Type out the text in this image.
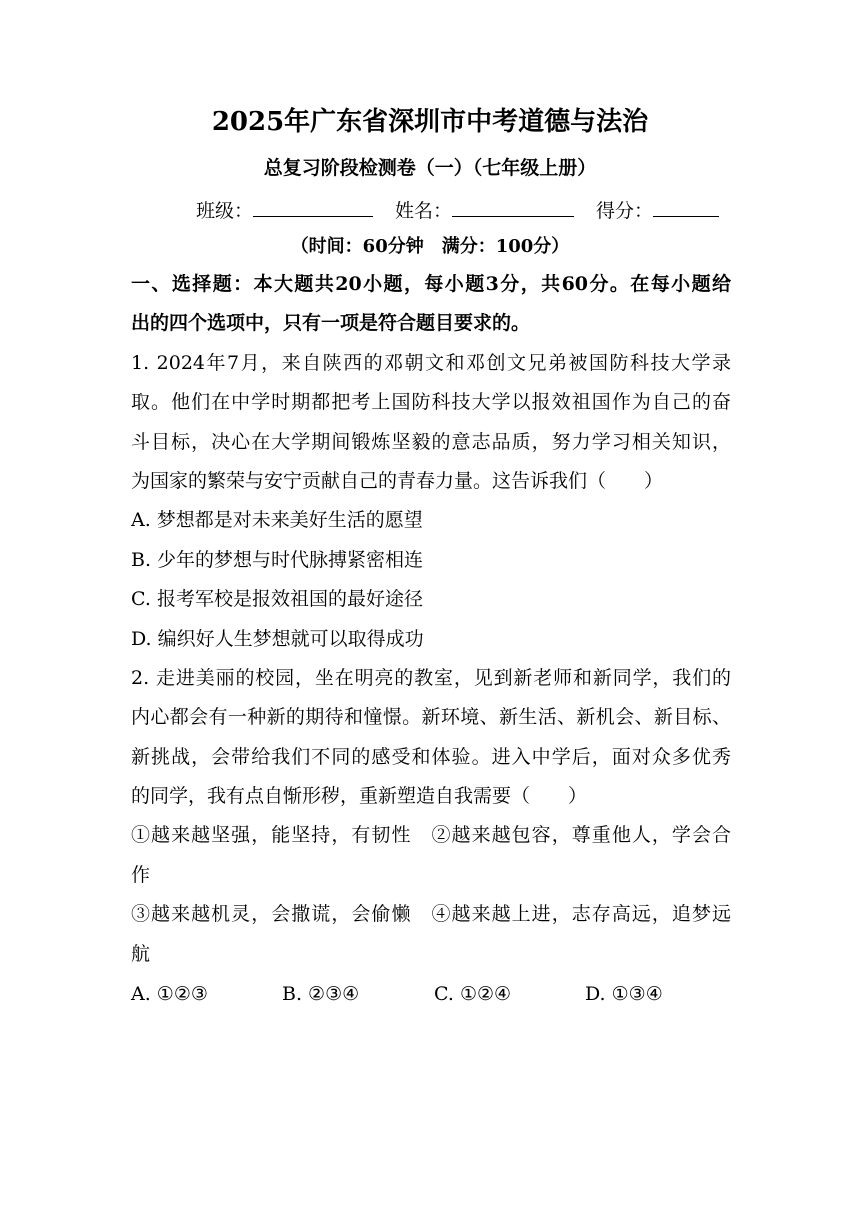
2025年广东省深圳市中考道德与法治
总复习阶段检测卷（一）（七年级上册）
班级：	姓名：	得分：
（时间：60分钟　满分：100分）
一、选择题：本大题共20小题，每小题3分，共60分。在每小题给
出的四个选项中，只有一项是符合题目要求的。
1. 2024年7月，来自陕西的邓朝文和邓创文兄弟被国防科技大学录
取。他们在中学时期都把考上国防科技大学以报效祖国作为自己的奋
斗目标，决心在大学期间锻炼坚毅的意志品质，努力学习相关知识，
为国家的繁荣与安宁贡献自己的青春力量。这告诉我们（　　）
A. 梦想都是对未来美好生活的愿望
B. 少年的梦想与时代脉搏紧密相连
C. 报考军校是报效祖国的最好途径
D. 编织好人生梦想就可以取得成功
2. 走进美丽的校园，坐在明亮的教室，见到新老师和新同学，我们的
内心都会有一种新的期待和憧憬。新环境、新生活、新机会、新目标、
新挑战，会带给我们不同的感受和体验。进入中学后，面对众多优秀
的同学，我有点自惭形秽，重新塑造自我需要（　　）
①越来越坚强，能坚持，有韧性　②越来越包容，尊重他人，学会合
作
③越来越机灵，会撒谎，会偷懒　④越来越上进，志存高远，追梦远
航
A. ①②③	B. ②③④	C. ①②④	D. ①③④
